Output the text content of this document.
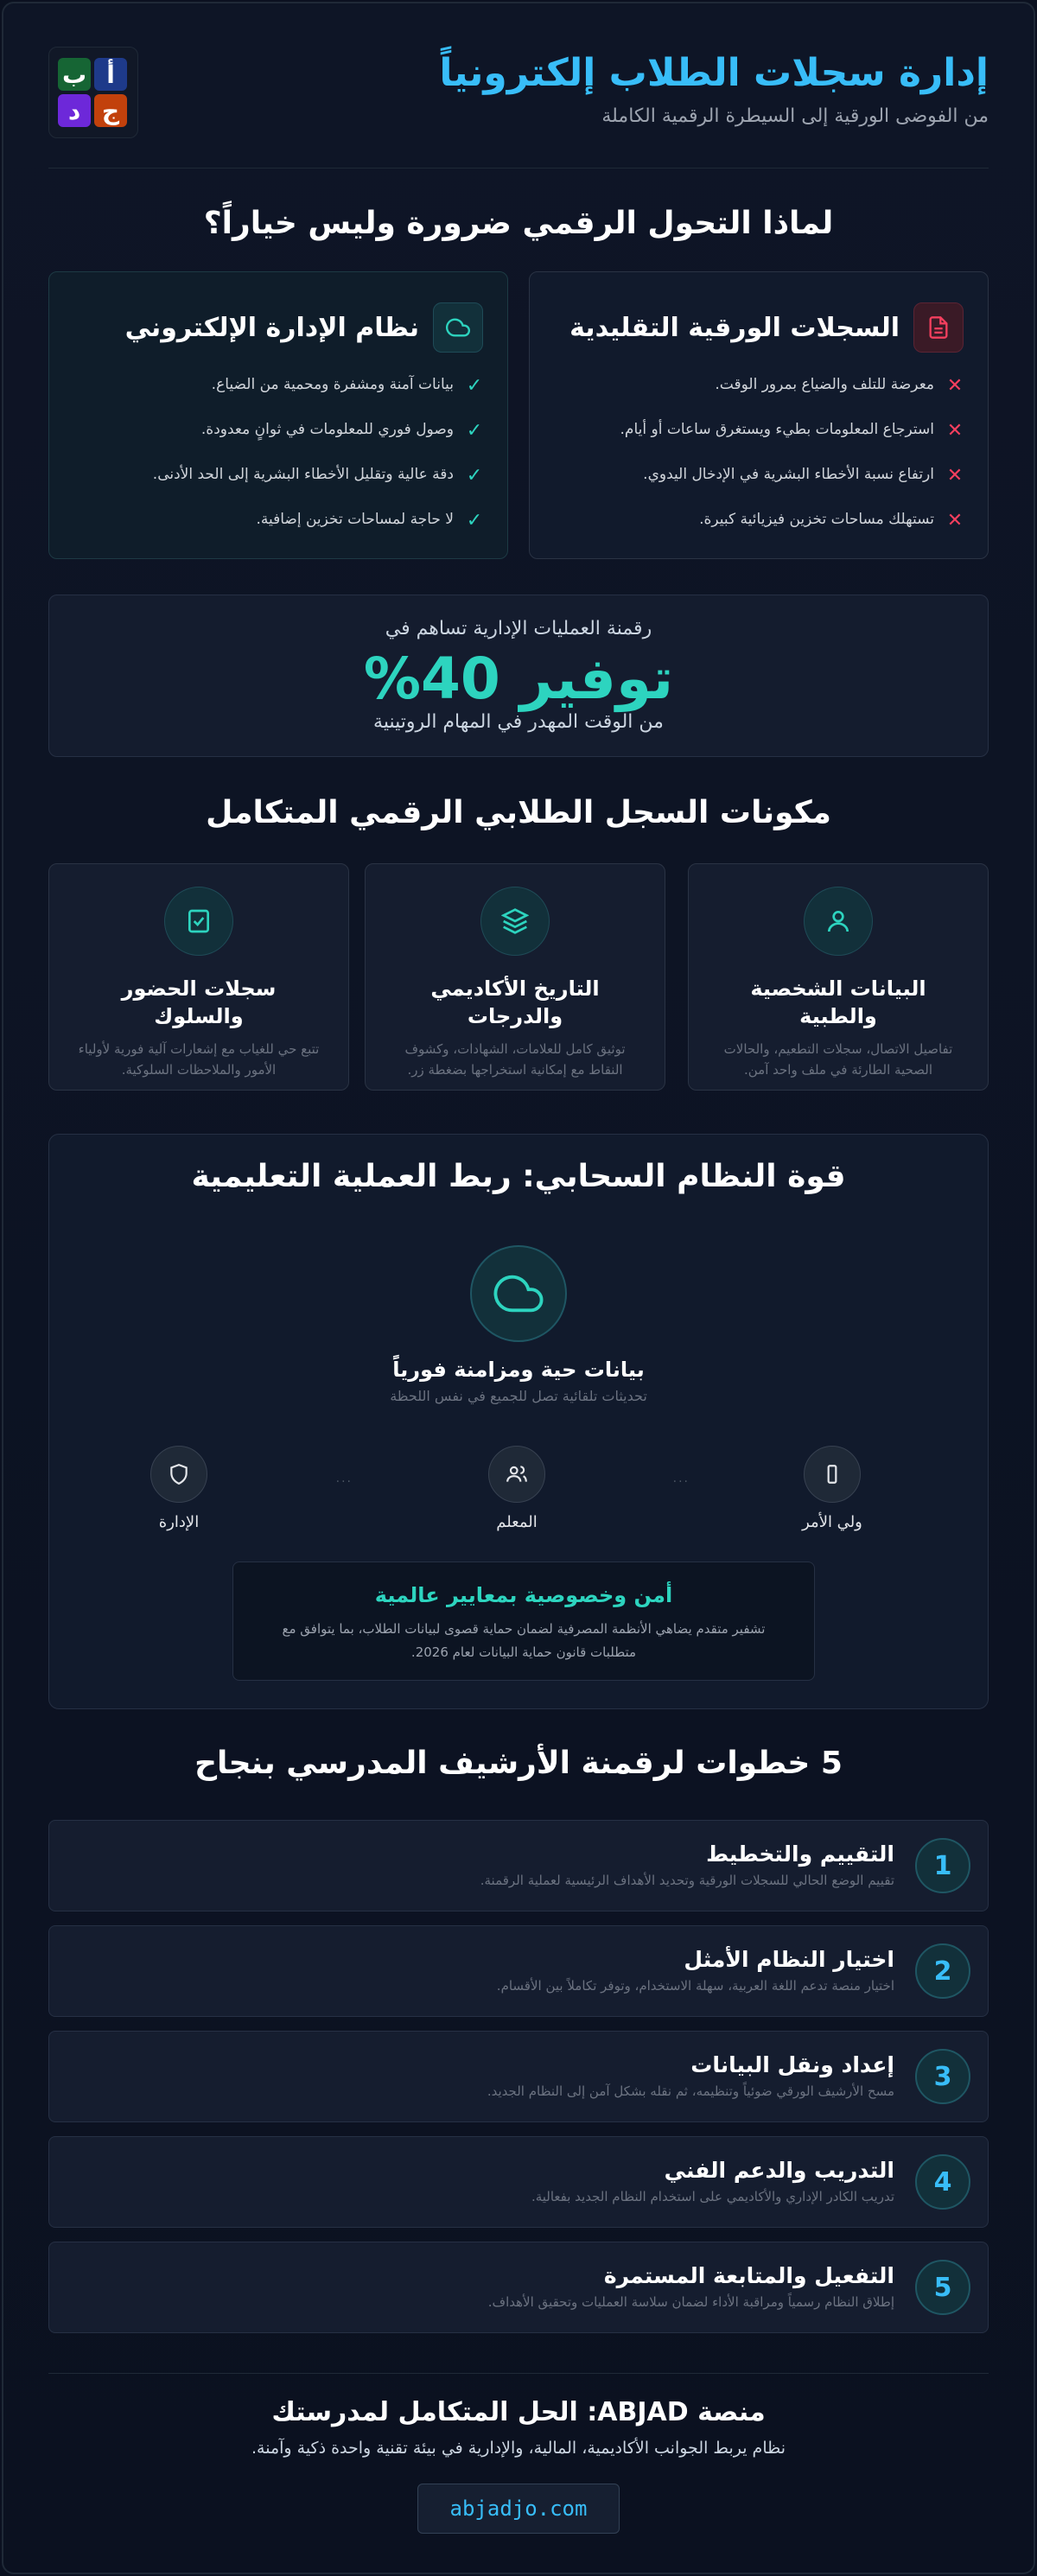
إدارة سجلات الطلاب إلكترونياً
من الفوضى الورقية إلى السيطرة الرقمية الكاملة
أ
ب
ج
د
لماذا التحول الرقمي ضرورة وليس خياراً؟
السجلات الورقية التقليدية
✕
معرضة للتلف والضياع بمرور الوقت.
✕
استرجاع المعلومات بطيء ويستغرق ساعات أو أيام.
✕
ارتفاع نسبة الأخطاء البشرية في الإدخال اليدوي.
✕
تستهلك مساحات تخزين فيزيائية كبيرة.
نظام الإدارة الإلكتروني
✓
بيانات آمنة ومشفرة ومحمية من الضياع.
✓
وصول فوري للمعلومات في ثوانٍ معدودة.
✓
دقة عالية وتقليل الأخطاء البشرية إلى الحد الأدنى.
✓
لا حاجة لمساحات تخزين إضافية.
رقمنة العمليات الإدارية تساهم في
توفير 40%
من الوقت المهدر في المهام الروتينية
مكونات السجل الطلابي الرقمي المتكامل
البيانات الشخصية والطبية
تفاصيل الاتصال، سجلات التطعيم، والحالات الصحية الطارئة في ملف واحد آمن.
التاريخ الأكاديمي والدرجات
توثيق كامل للعلامات، الشهادات، وكشوف النقاط مع إمكانية استخراجها بضغطة زر.
سجلات الحضور والسلوك
تتبع حي للغياب مع إشعارات آلية فورية لأولياء الأمور والملاحظات السلوكية.
قوة النظام السحابي: ربط العملية التعليمية
بيانات حية ومزامنة فورياً
تحديثات تلقائية تصل للجميع في نفس اللحظة
ولي الأمر
...
المعلم
...
الإدارة
أمن وخصوصية بمعايير عالمية
تشفير متقدم يضاهي الأنظمة المصرفية لضمان حماية قصوى لبيانات الطلاب، بما يتوافق مع متطلبات قانون حماية البيانات لعام 2026.
5 خطوات لرقمنة الأرشيف المدرسي بنجاح
1
التقييم والتخطيط
تقييم الوضع الحالي للسجلات الورقية وتحديد الأهداف الرئيسية لعملية الرقمنة.
2
اختيار النظام الأمثل
اختيار منصة تدعم اللغة العربية، سهلة الاستخدام، وتوفر تكاملاً بين الأقسام.
3
إعداد ونقل البيانات
مسح الأرشيف الورقي ضوئياً وتنظيمه، ثم نقله بشكل آمن إلى النظام الجديد.
4
التدريب والدعم الفني
تدريب الكادر الإداري والأكاديمي على استخدام النظام الجديد بفعالية.
5
التفعيل والمتابعة المستمرة
إطلاق النظام رسمياً ومراقبة الأداء لضمان سلاسة العمليات وتحقيق الأهداف.
منصة ABJAD: الحل المتكامل لمدرستك
نظام يربط الجوانب الأكاديمية، المالية، والإدارية في بيئة تقنية واحدة ذكية وآمنة.
abjadjo.com
